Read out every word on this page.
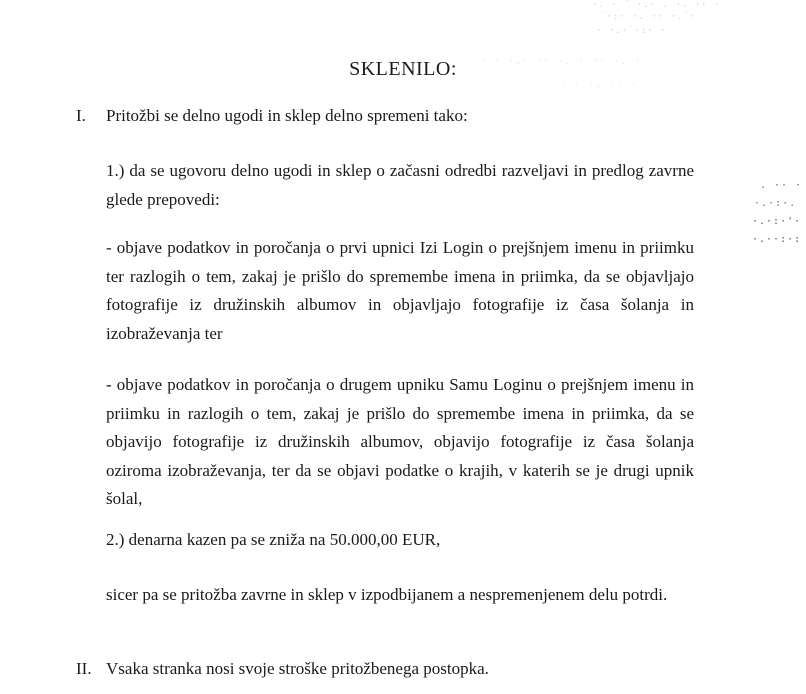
·. · ˙ ·.· . ·. ·· ·
˙·:· ·. ·· ·.˙·
· ·.·˙·:· ·
· · ·.· ·· ·. · ·· ·. ·
· · ·. ·· ·
. ·· ·
·.·:·.
·.·:·'·
·.··:·:
SKLENILO:
I. Pritožbi se delno ugodi in sklep delno spremeni tako:
1.) da se ugovoru delno ugodi in sklep o začasni odredbi razveljavi in predlog zavrne glede prepovedi:
- objave podatkov in poročanja o prvi upnici Izi Login o prejšnjem imenu in priimku ter razlogih o tem, zakaj je prišlo do spremembe imena in priimka, da se objavljajo fotografije iz družinskih albumov in objavljajo fotografije iz časa šolanja in izobraževanja ter
- objave podatkov in poročanja o drugem upniku Samu Loginu o prejšnjem imenu in priimku in razlogih o tem, zakaj je prišlo do spremembe imena in priimka, da se objavijo fotografije iz družinskih albumov, objavijo fotografije iz časa šolanja oziroma izobraževanja, ter da se objavi podatke o krajih, v katerih se je drugi upnik šolal,
2.) denarna kazen pa se zniža na 50.000,00 EUR,
sicer pa se pritožba zavrne in sklep v izpodbijanem a nespremenjenem delu potrdi.
II. Vsaka stranka nosi svoje stroške pritožbenega postopka.
